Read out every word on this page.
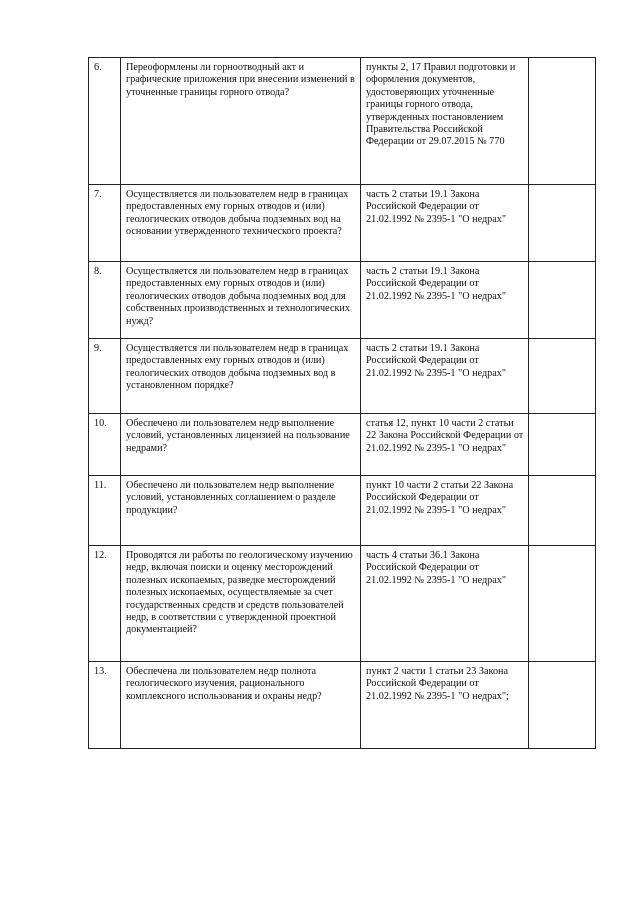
6.	Переоформлены ли горноотводный акт и графические приложения при внесении изменений в уточненные границы горного отвода?	пункты 2, 17 Правил подготовки и оформления документов, удостоверяющих уточненные границы горного отвода, утвержденных постановлением Правительства Российской Федерации от 29.07.2015 № 770	
7.	Осуществляется ли пользователем недр в границах предоставленных ему горных отводов и (или) геологических отводов добыча подземных вод на основании утвержденного технического проекта?	часть 2 статьи 19.1 Закона Российской Федерации от 21.02.1992 № 2395-1 "О недрах"	
8.	Осуществляется ли пользователем недр в границах предоставленных ему горных отводов и (или) геологических отводов добыча подземных вод для собственных производственных и технологических нужд?	часть 2 статьи 19.1 Закона Российской Федерации от 21.02.1992 № 2395-1 "О недрах"	
9.	Осуществляется ли пользователем недр в границах предоставленных ему горных отводов и (или) геологических отводов добыча подземных вод в установленном порядке?	часть 2 статьи 19.1 Закона Российской Федерации от 21.02.1992 № 2395-1 "О недрах"	
10.	Обеспечено ли пользователем недр выполнение условий, установленных лицензией на пользование недрами?	статья 12, пункт 10 части 2 статьи 22 Закона Российской Федерации от 21.02.1992 № 2395-1 "О недрах"	
11.	Обеспечено ли пользователем недр выполнение условий, установленных соглашением о разделе продукции?	пункт 10 части 2 статьи 22 Закона Российской Федерации от 21.02.1992 № 2395-1 "О недрах"	
12.	Проводятся ли работы по геологическому изучению недр, включая поиски и оценку месторождений полезных ископаемых, разведке месторождений полезных ископаемых, осуществляемые за счет государственных средств и средств пользователей недр, в соответствии с утвержденной проектной документацией?	часть 4 статьи 36.1 Закона Российской Федерации от 21.02.1992 № 2395-1 "О недрах"	
13.	Обеспечена ли пользователем недр полнота геологического изучения, рационального комплексного использования и охраны недр?	пункт 2 части 1 статьи 23 Закона Российской Федерации от 21.02.1992 № 2395-1 "О недрах";	
